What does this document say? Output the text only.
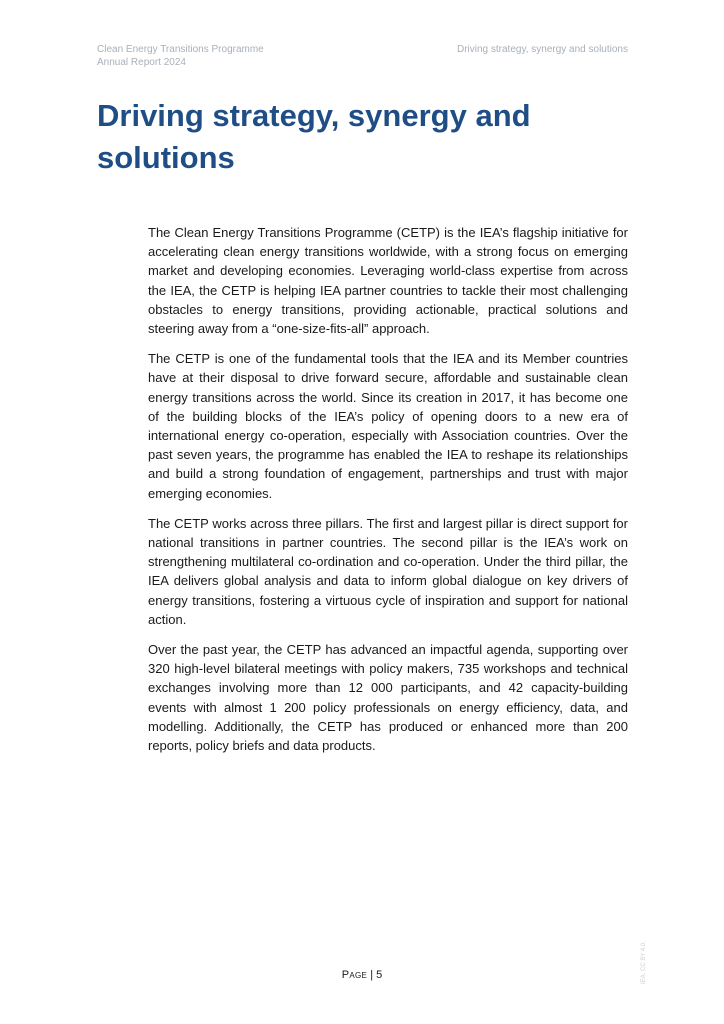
Clean Energy Transitions Programme
Annual Report 2024
Driving strategy, synergy and solutions
Driving strategy, synergy and solutions

The Clean Energy Transitions Programme (CETP) is the IEA’s flagship initiative for accelerating clean energy transitions worldwide, with a strong focus on emerging market and developing economies. Leveraging world-class expertise from across the IEA, the CETP is helping IEA partner countries to tackle their most challenging obstacles to energy transitions, providing actionable, practical solutions and steering away from a “one-size-fits-all” approach.

The CETP is one of the fundamental tools that the IEA and its Member countries have at their disposal to drive forward secure, affordable and sustainable clean energy transitions across the world. Since its creation in 2017, it has become one of the building blocks of the IEA’s policy of opening doors to a new era of international energy co-operation, especially with Association countries. Over the past seven years, the programme has enabled the IEA to reshape its relationships and build a strong foundation of engagement, partnerships and trust with major emerging economies.

The CETP works across three pillars. The first and largest pillar is direct support for national transitions in partner countries. The second pillar is the IEA’s work on strengthening multilateral co-ordination and co-operation. Under the third pillar, the IEA delivers global analysis and data to inform global dialogue on key drivers of energy transitions, fostering a virtuous cycle of inspiration and support for national action.

Over the past year, the CETP has advanced an impactful agenda, supporting over 320 high-level bilateral meetings with policy makers, 735 workshops and technical exchanges involving more than 12 000 participants, and 42 capacity-building events with almost 1 200 policy professionals on energy efficiency, data, and modelling. Additionally, the CETP has produced or enhanced more than 200 reports, policy briefs and data products.

Page | 5	IEA. CC BY 4.0.
